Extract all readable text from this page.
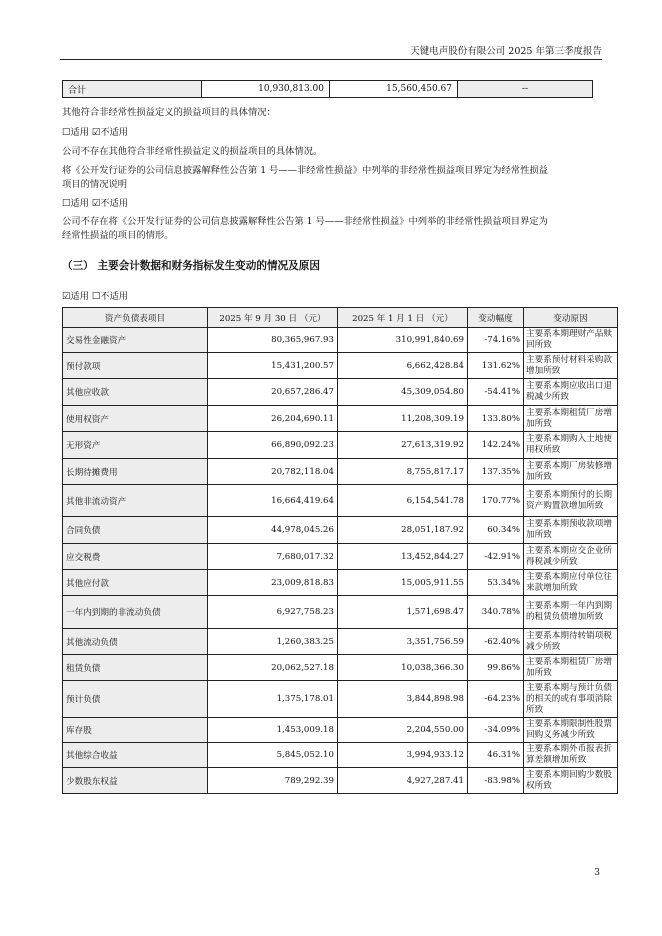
天键电声股份有限公司 2025 年第三季度报告
合计	10,930,813.00	15,560,450.67	--
其他符合非经常性损益定义的损益项目的具体情况：
☐适用 ☑不适用
公司不存在其他符合非经常性损益定义的损益项目的具体情况。
将《公开发行证券的公司信息披露解释性公告第 1 号——非经常性损益》中列举的非经常性损益项目界定为经常性损益
项目的情况说明
☐适用 ☑不适用
公司不存在将《公开发行证券的公司信息披露解释性公告第 1 号——非经常性损益》中列举的非经常性损益项目界定为
经常性损益的项目的情形。
（三） 主要会计数据和财务指标发生变动的情况及原因
☑适用 ☐不适用
资产负债表项目	2025 年 9 月 30 日 （元）	2025 年 1 月 1 日 （元）	变动幅度	变动原因
交易性金融资产	80,365,967.93	310,991,840.69	-74.16%	主要系本期理财产品赎回所致
预付款项	15,431,200.57	6,662,428.84	131.62%	主要系预付材料采购款增加所致
其他应收款	20,657,286.47	45,309,054.80	-54.41%	主要系本期应收出口退税减少所致
使用权资产	26,204,690.11	11,208,309.19	133.80%	主要系本期租赁厂房增加所致
无形资产	66,890,092.23	27,613,319.92	142.24%	主要系本期购入土地使用权所致
长期待摊费用	20,782,118.04	8,755,817.17	137.35%	主要系本期厂房装修增加所致
其他非流动资产	16,664,419.64	6,154,541.78	170.77%	主要系本期预付的长期资产购置款增加所致
合同负债	44,978,045.26	28,051,187.92	60.34%	主要系本期预收款项增加所致
应交税费	7,680,017.32	13,452,844.27	-42.91%	主要系本期应交企业所得税减少所致
其他应付款	23,009,818.83	15,005,911.55	53.34%	主要系本期应付单位往来款增加所致
一年内到期的非流动负债	6,927,758.23	1,571,698.47	340.78%	主要系本期一年内到期的租赁负债增加所致
其他流动负债	1,260,383.25	3,351,756.59	-62.40%	主要系本期待转销项税减少所致
租赁负债	20,062,527.18	10,038,366.30	99.86%	主要系本期租赁厂房增加所致
预计负债	1,375,178.01	3,844,898.98	-64.23%	主要系本期与预计负债的相关的或有事项消除所致
库存股	1,453,009.18	2,204,550.00	-34.09%	主要系本期限制性股票回购义务减少所致
其他综合收益	5,845,052.10	3,994,933.12	46.31%	主要系本期外币报表折算差额增加所致
少数股东权益	789,292.39	4,927,287.41	-83.98%	主要系本期回购少数股权所致
3
